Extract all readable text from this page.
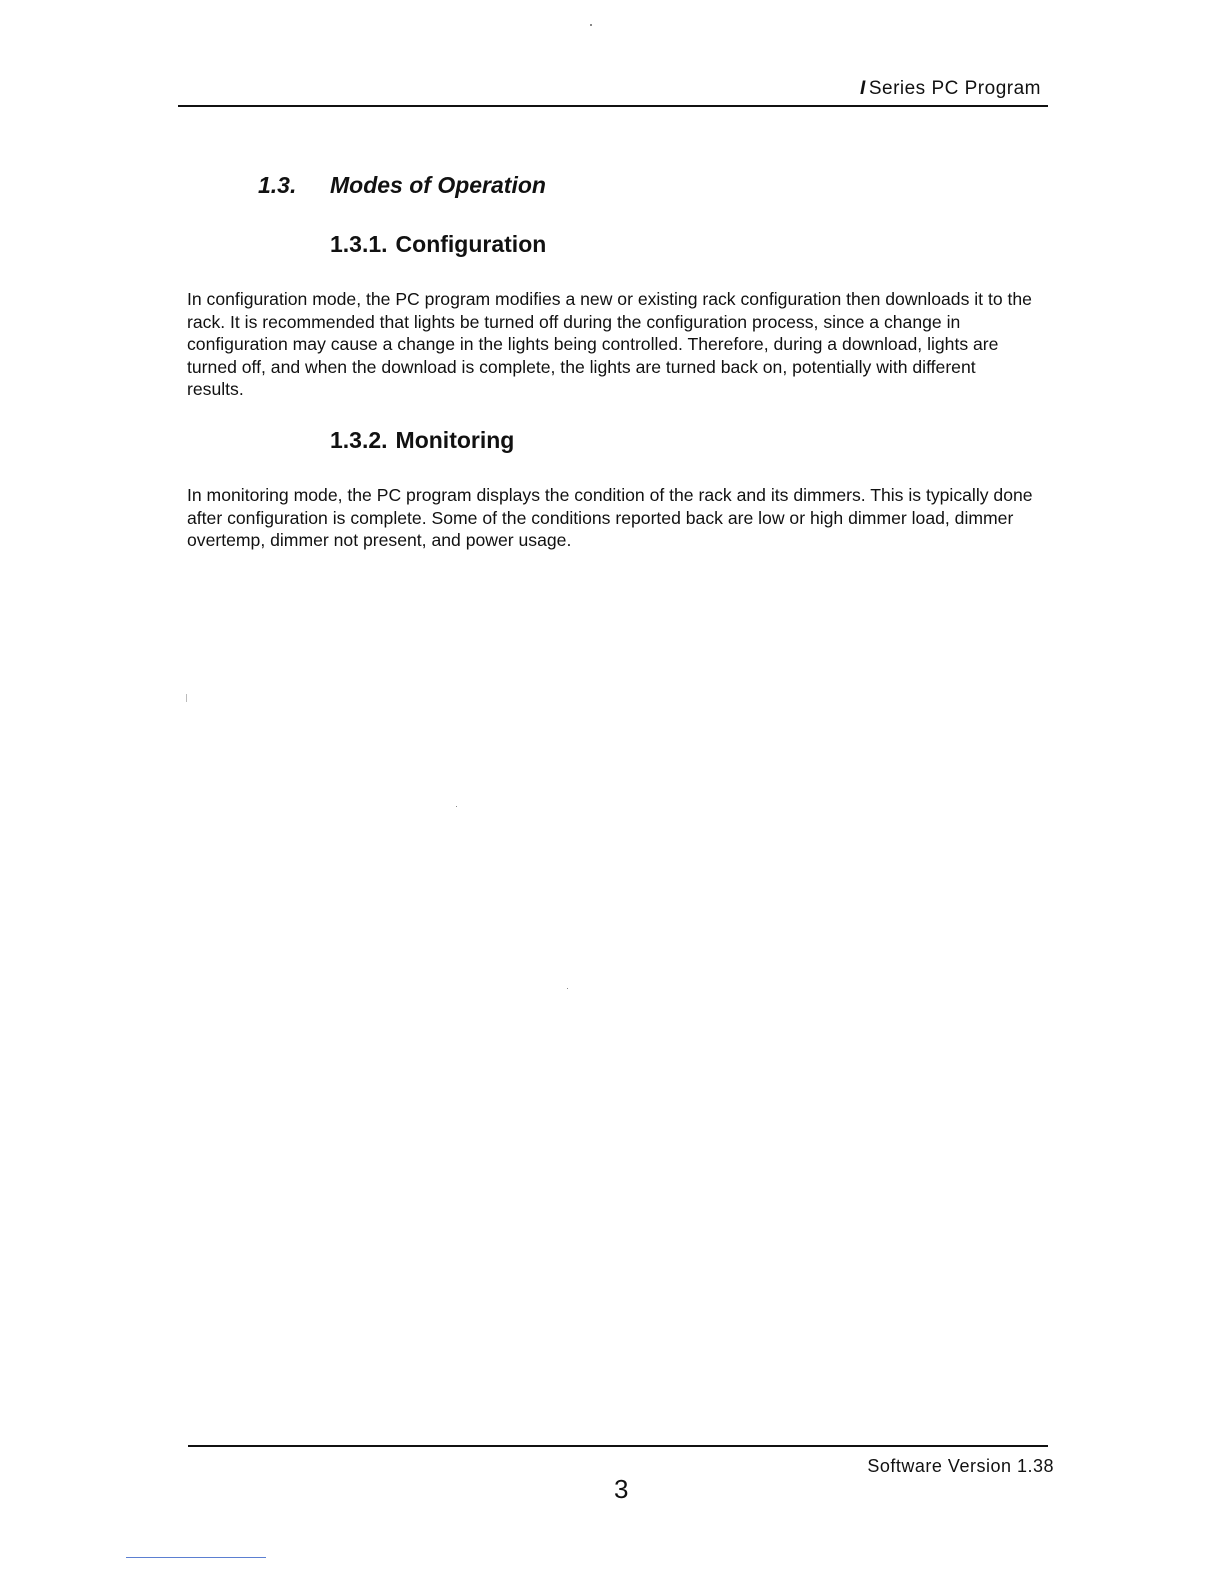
I Series PC Program
1.3. Modes of Operation
1.3.1. Configuration

In configuration mode, the PC program modifies a new or existing rack configuration then downloads it to the rack. It is recommended that lights be turned off during the configuration process, since a change in configuration may cause a change in the lights being controlled. Therefore, during a download, lights are turned off, and when the download is complete, the lights are turned back on, potentially with different results.

1.3.2. Monitoring

In monitoring mode, the PC program displays the condition of the rack and its dimmers. This is typically done after configuration is complete. Some of the conditions reported back are low or high dimmer load, dimmer overtemp, dimmer not present, and power usage.

Software Version 1.38
3
